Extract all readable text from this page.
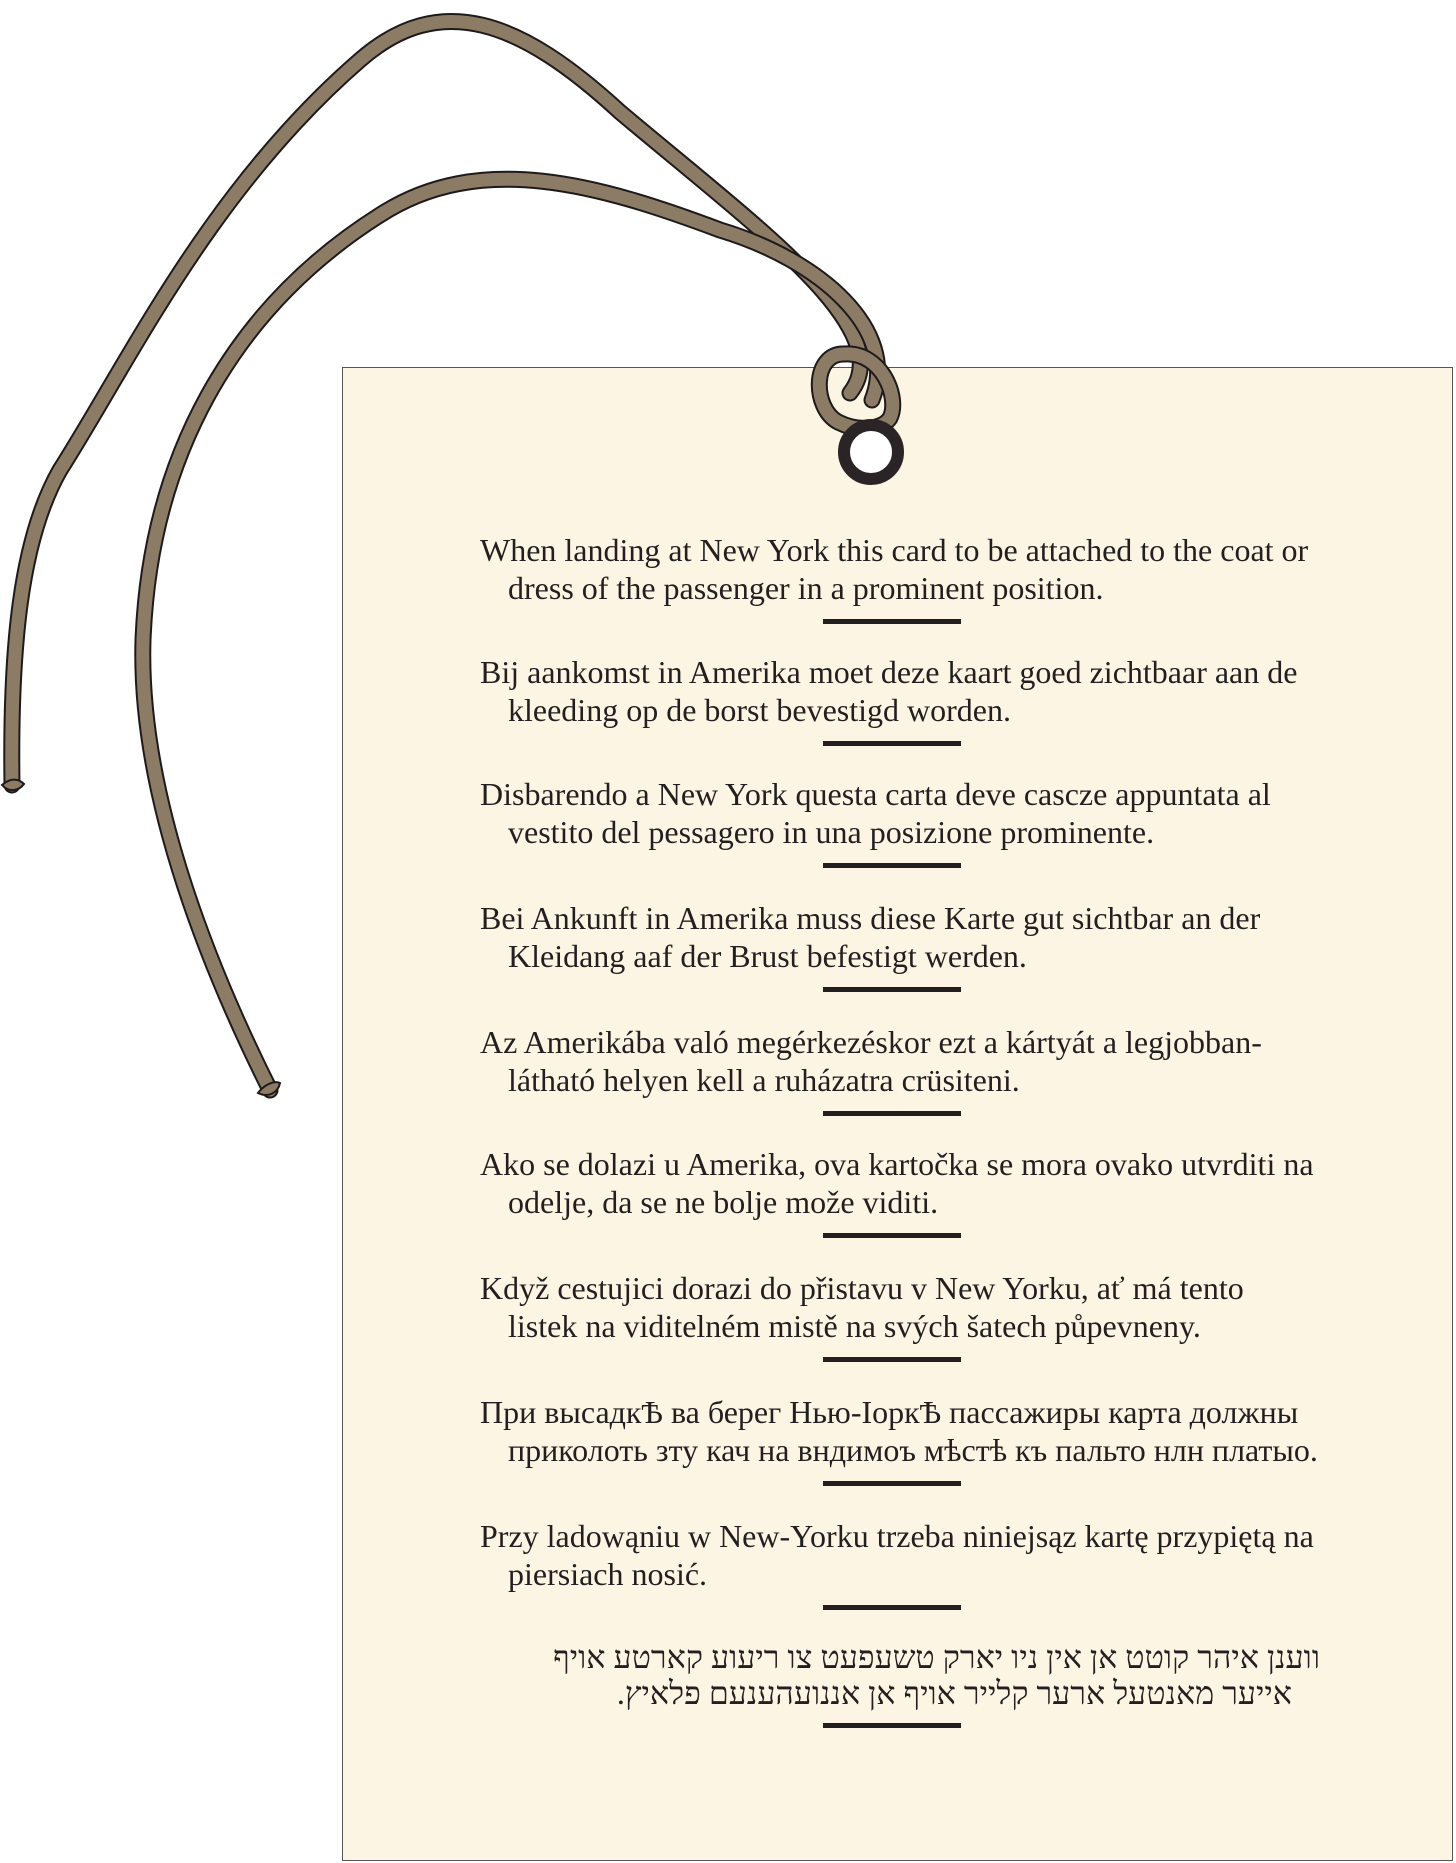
When landing at New York this card to be attached to the coat or dress of the passenger in a prominent position.

Bij aankomst in Amerika moet deze kaart goed zichtbaar aan de kleeding op de borst bevestigd worden.

Disbarendo a New York questa carta deve cascze appuntata al vestito del pessagero in una posizione prominente.

Bei Ankunft in Amerika muss diese Karte gut sichtbar an der Kleidang aaf der Brust befestigt werden.

Az Amerikába való megérkezéskor ezt a kártyát a legjobban-látható helyen kell a ruházatra crüsiteni.

Ako se dolazi u Amerika, ova kartočka se mora ovako utvrditi na odelje, da se ne bolje može viditi.

Když cestujici dorazi do přistavu v New Yorku, ať má tento listek na viditelném mistě na svých šatech půpevneny.

При высадкѢ ва берег Нью-IоркѢ пассажиры карта должны приколоть зту кач на вндимоъ мѣстѣ къ пальто нлн платыо.

Przy ladowąniu w New-Yorku trzeba niniejsąz kartę przypiętą na piersiach nosić.

ווענן איהר קוטט אן אין ניו יארק טשעפעט צו ריעוע קארטע אויף אייער מאנטעל ארער קלייר אויף אן אננועהענעם פלאיץ.
